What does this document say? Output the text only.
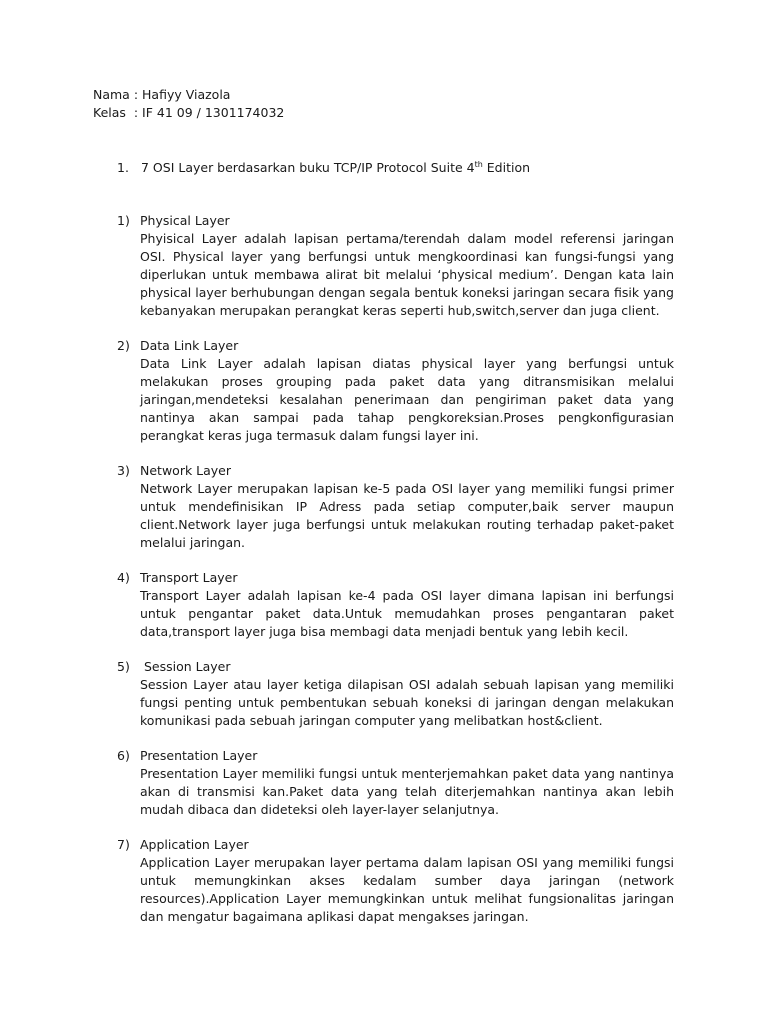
Nama : Hafiyy Viazola
Kelas  : IF 41 09 / 1301174032
1. 7 OSI Layer berdasarkan buku TCP/IP Protocol Suite 4th Edition
1) Physical Layer
Phyisical Layer adalah lapisan pertama/terendah dalam model referensi jaringan OSI. Physical layer yang berfungsi untuk mengkoordinasi kan fungsi-fungsi yang diperlukan untuk membawa alirat bit melalui ‘physical medium’. Dengan kata lain physical layer berhubungan dengan segala bentuk koneksi jaringan secara fisik yang kebanyakan merupakan perangkat keras seperti hub,switch,server dan juga client.
2) Data Link Layer
Data Link Layer adalah lapisan diatas physical layer yang berfungsi untuk melakukan proses grouping pada paket data yang ditransmisikan melalui jaringan,mendeteksi kesalahan penerimaan dan pengiriman paket data yang nantinya akan sampai pada tahap pengkoreksian.Proses pengkonfigurasian perangkat keras juga termasuk dalam fungsi layer ini.
3) Network Layer
Network Layer merupakan lapisan ke-5 pada OSI layer yang memiliki fungsi primer untuk mendefinisikan IP Adress pada setiap computer,baik server maupun client.Network layer juga berfungsi untuk melakukan routing terhadap paket-paket melalui jaringan.
4) Transport Layer
Transport Layer adalah lapisan ke-4 pada OSI layer dimana lapisan ini berfungsi untuk pengantar paket data.Untuk memudahkan proses pengantaran paket data,transport layer juga bisa membagi data menjadi bentuk yang lebih kecil.
5) Session Layer
Session Layer atau layer ketiga dilapisan OSI adalah sebuah lapisan yang memiliki fungsi penting untuk pembentukan sebuah koneksi di jaringan dengan melakukan komunikasi pada sebuah jaringan computer yang melibatkan host&client.
6) Presentation Layer
Presentation Layer memiliki fungsi untuk menterjemahkan paket data yang nantinya akan di transmisi kan.Paket data yang telah diterjemahkan nantinya akan lebih mudah dibaca dan dideteksi oleh layer-layer selanjutnya.
7) Application Layer
Application Layer merupakan layer pertama dalam lapisan OSI yang memiliki fungsi untuk memungkinkan akses kedalam sumber daya jaringan (network resources).Application Layer memungkinkan untuk melihat fungsionalitas jaringan dan mengatur bagaimana aplikasi dapat mengakses jaringan.
